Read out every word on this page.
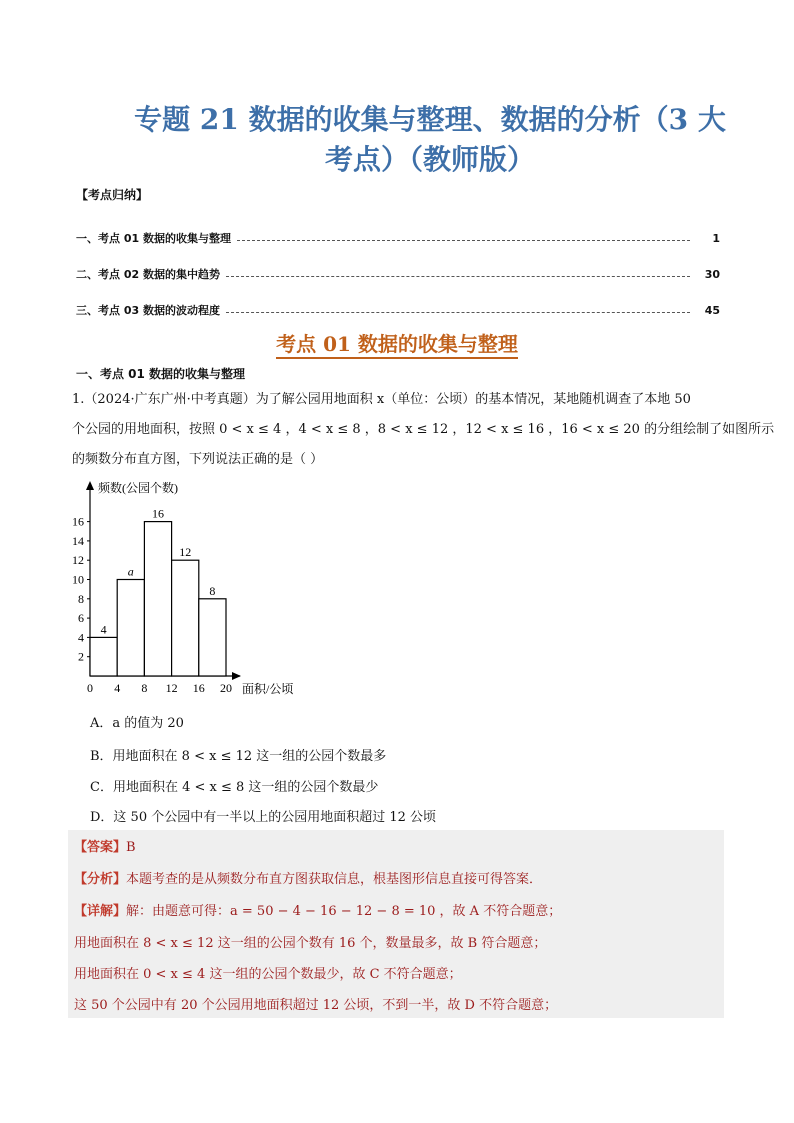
专题 21 数据的收集与整理、数据的分析（3 大
考点）（教师版）
【考点归纳】
一、考点 01 数据的收集与整理	1
二、考点 02 数据的集中趋势	30
三、考点 03 数据的波动程度	45
考点 01 数据的收集与整理
一、考点 01 数据的收集与整理
1.（2024·广东广州·中考真题）为了解公园用地面积 x（单位：公顷）的基本情况，某地随机调查了本地 50
个公园的用地面积，按照 0 < x ≤ 4 ，4 < x ≤ 8 ，8 < x ≤ 12 ，12 < x ≤ 16 ，16 < x ≤ 20 的分组绘制了如图所示
的频数分布直方图，下列说法正确的是（ ）
4
a
16
12
8
2
4
6
8
10
12
14
16
0 4 8 12 16 20
频数(公园个数)
面积/公顷
A．a 的值为 20
B．用地面积在 8 < x ≤ 12 这一组的公园个数最多
C．用地面积在 4 < x ≤ 8 这一组的公园个数最少
D．这 50 个公园中有一半以上的公园用地面积超过 12 公顷
【答案】B
【分析】本题考查的是从频数分布直方图获取信息，根基图形信息直接可得答案．
【详解】解：由题意可得：a = 50 − 4 − 16 − 12 − 8 = 10 ，故 A 不符合题意；
用地面积在 8 < x ≤ 12 这一组的公园个数有 16 个，数量最多，故 B 符合题意；
用地面积在 0 < x ≤ 4 这一组的公园个数最少，故 C 不符合题意；
这 50 个公园中有 20 个公园用地面积超过 12 公顷，不到一半，故 D 不符合题意；
